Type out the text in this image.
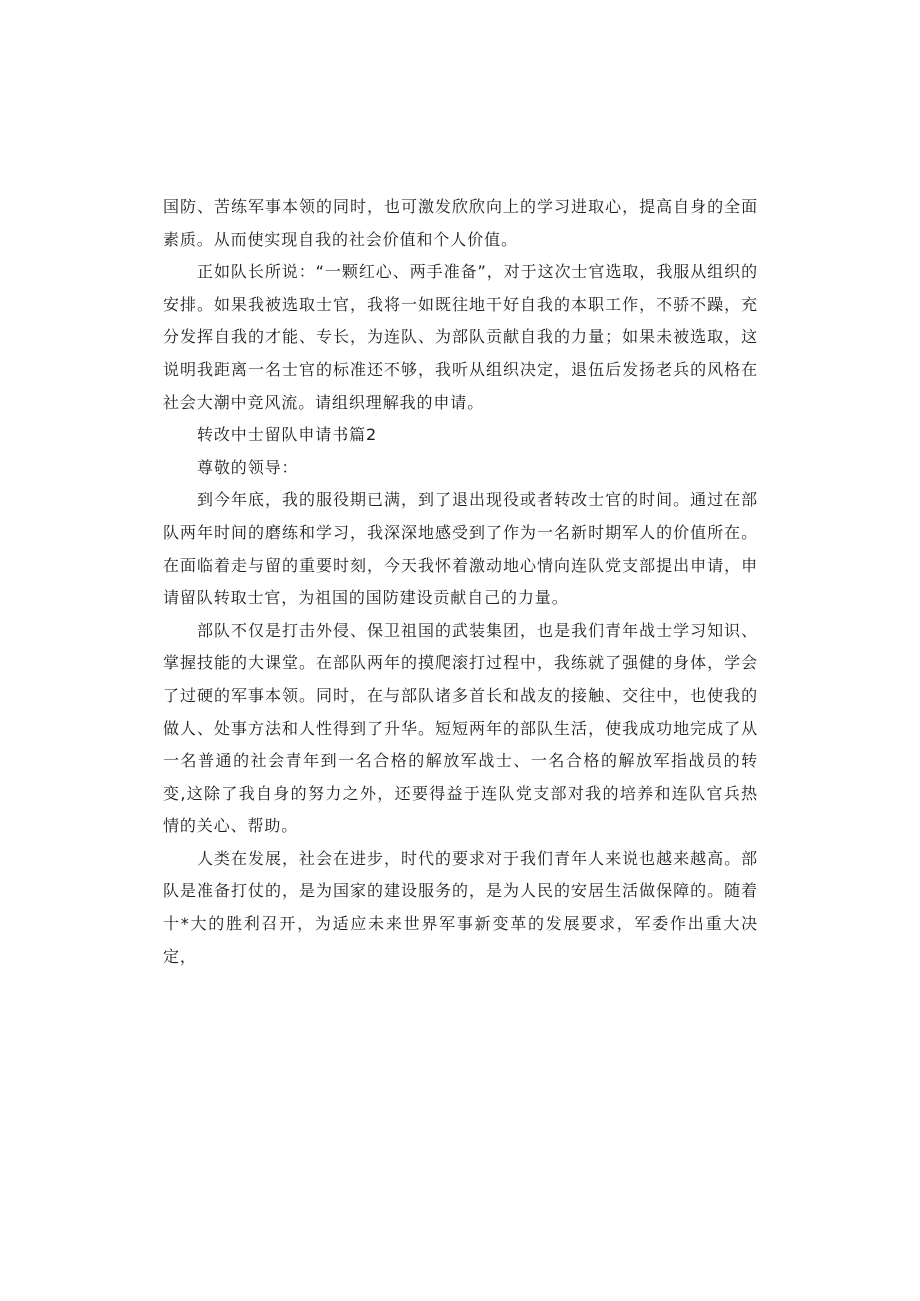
国防、苦练军事本领的同时，也可激发欣欣向上的学习进取心，提高自身的全面素质。从而使实现自我的社会价值和个人价值。

正如队长所说：“一颗红心、两手准备”，对于这次士官选取，我服从组织的安排。如果我被选取士官，我将一如既往地干好自我的本职工作，不骄不躁，充分发挥自我的才能、专长，为连队、为部队贡献自我的力量；如果未被选取，这说明我距离一名士官的标准还不够，我听从组织决定，退伍后发扬老兵的风格在社会大潮中竞风流。请组织理解我的申请。

转改中士留队申请书篇2

尊敬的领导：

到今年底，我的服役期已满，到了退出现役或者转改士官的时间。通过在部队两年时间的磨练和学习，我深深地感受到了作为一名新时期军人的价值所在。在面临着走与留的重要时刻，今天我怀着激动地心情向连队党支部提出申请，申请留队转取士官，为祖国的国防建设贡献自己的力量。

部队不仅是打击外侵、保卫祖国的武装集团，也是我们青年战士学习知识、掌握技能的大课堂。在部队两年的摸爬滚打过程中，我练就了强健的身体，学会了过硬的军事本领。同时，在与部队诸多首长和战友的接触、交往中，也使我的做人、处事方法和人性得到了升华。短短两年的部队生活，使我成功地完成了从一名普通的社会青年到一名合格的解放军战士、一名合格的解放军指战员的转变,这除了我自身的努力之外，还要得益于连队党支部对我的培养和连队官兵热情的关心、帮助。

人类在发展，社会在进步，时代的要求对于我们青年人来说也越来越高。部队是准备打仗的，是为国家的建设服务的，是为人民的安居生活做保障的。随着十*大的胜利召开，为适应未来世界军事新变革的发展要求，军委作出重大决定，
